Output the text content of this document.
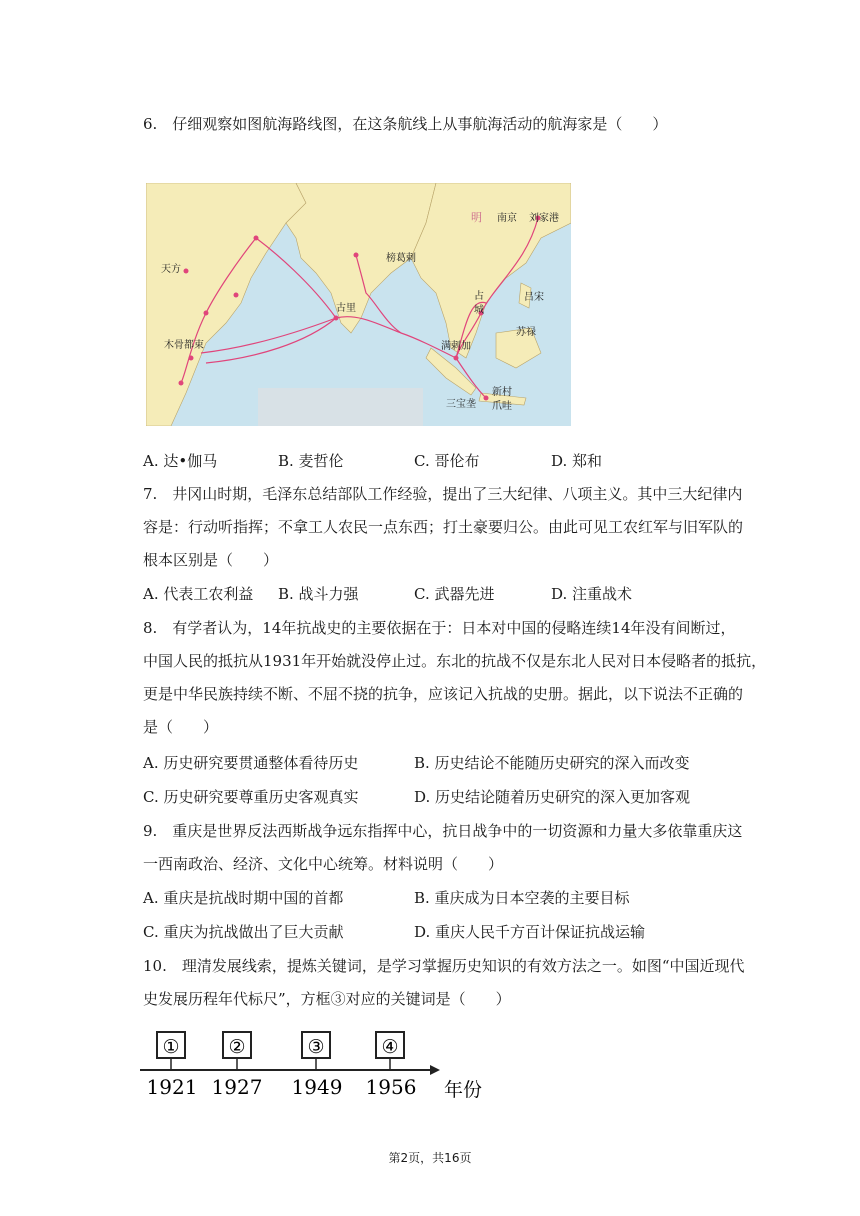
6.　仔细观察如图航海路线图，在这条航线上从事航海活动的航海家是（　　）
明 南京 刘家港
天方
榜葛剌
古里
占
城
吕宋
苏禄
木骨都束	满剌加
三宝垄
新村
爪哇
A. 达•伽马	B. 麦哲伦	C. 哥伦布	D. 郑和
7.　井冈山时期，毛泽东总结部队工作经验，提出了三大纪律、八项主义。其中三大纪律内
容是：行动听指挥；不拿工人农民一点东西；打土豪要归公。由此可见工农红军与旧军队的
根本区别是（　　）
A. 代表工农利益 B. 战斗力强	C. 武器先进	D. 注重战术
8.　有学者认为，14年抗战史的主要依据在于：日本对中国的侵略连续14年没有间断过，
中国人民的抵抗从1931年开始就没停止过。东北的抗战不仅是东北人民对日本侵略者的抵抗，
更是中华民族持续不断、不屈不挠的抗争，应该记入抗战的史册。据此，以下说法不正确的
是（　　）
A. 历史研究要贯通整体看待历史	B. 历史结论不能随历史研究的深入而改变
C. 历史研究要尊重历史客观真实	D. 历史结论随着历史研究的深入更加客观
9.　重庆是世界反法西斯战争远东指挥中心，抗日战争中的一切资源和力量大多依靠重庆这
一西南政治、经济、文化中心统筹。材料说明（　　）
A. 重庆是抗战时期中国的首都	B. 重庆成为日本空袭的主要目标
C. 重庆为抗战做出了巨大贡献	D. 重庆人民千方百计保证抗战运输
10.　理清发展线索，提炼关键词，是学习掌握历史知识的有效方法之一。如图“中国近现代
史发展历程年代标尺”，方框③对应的关键词是（　　）
①	②	③	④
1921 1927 1949 1956 年份
第2页，共16页
